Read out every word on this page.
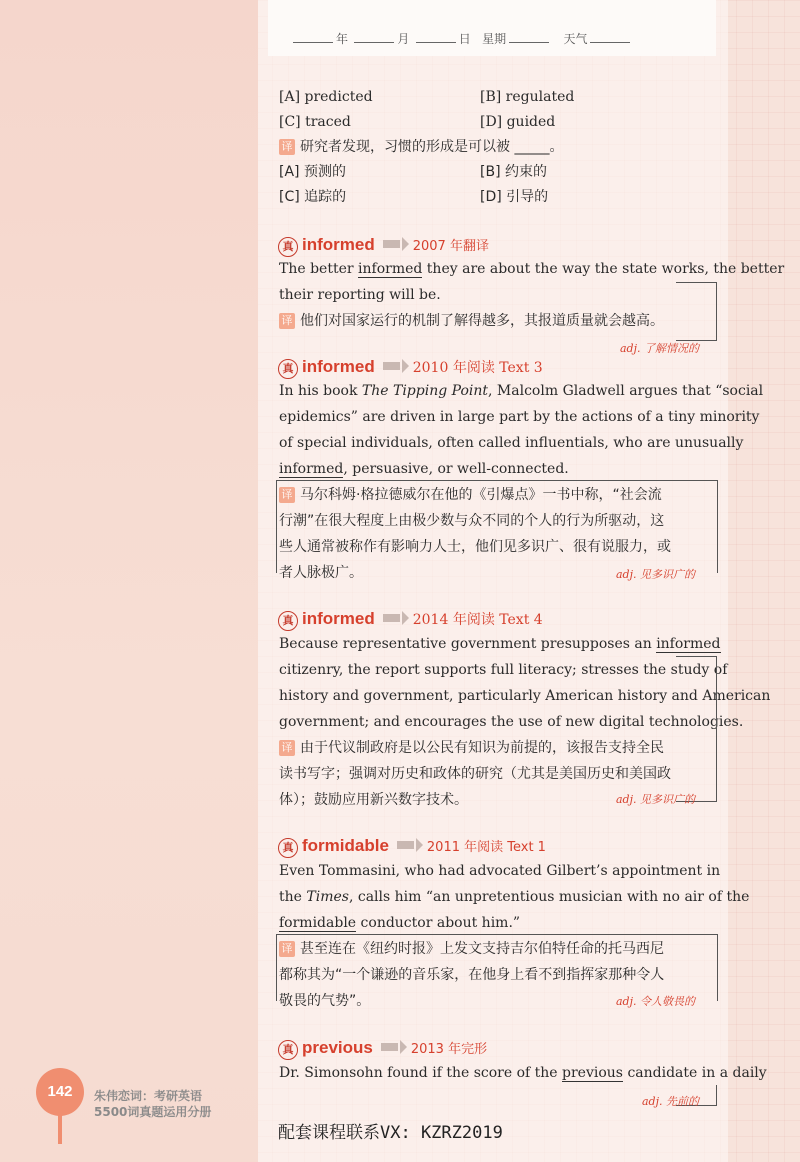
年	月	日 星期	天气
[A] predicted	[B] regulated
[C] traced	[D] guided
译 研究者发现，习惯的形成是可以被 _____。
[A] 预测的	[B] 约束的
[C] 追踪的	[D] 引导的
真 informed	2007 年翻译
The better informed they are about the way the state works, the better
their reporting will be.
译 他们对国家运行的机制了解得越多，其报道质量就会越高。
adj. 了解情况的
真 informed	2010 年阅读 Text 3
In his book The Tipping Point, Malcolm Gladwell argues that “social
epidemics” are driven in large part by the actions of a tiny minority
of special individuals, often called influentials, who are unusually
informed, persuasive, or well-connected.
译 马尔科姆·格拉德威尔在他的《引爆点》一书中称，“社会流
行潮”在很大程度上由极少数与众不同的个人的行为所驱动，这
些人通常被称作有影响力人士，他们见多识广、很有说服力，或
者人脉极广。	adj. 见多识广的
真 informed	2014 年阅读 Text 4
Because representative government presupposes an informed
citizenry, the report supports full literacy; stresses the study of
history and government, particularly American history and American
government; and encourages the use of new digital technologies.
译 由于代议制政府是以公民有知识为前提的，该报告支持全民
读书写字；强调对历史和政体的研究（尤其是美国历史和美国政
体）；鼓励应用新兴数字技术。	adj. 见多识广的
真 formidable	2011 年阅读 Text 1
Even Tommasini, who had advocated Gilbert’s appointment in
the Times, calls him “an unpretentious musician with no air of the
formidable conductor about him.”
译 甚至连在《纽约时报》上发文支持吉尔伯特任命的托马西尼
都称其为“一个谦逊的音乐家，在他身上看不到指挥家那种令人
敬畏的气势”。	adj. 令人敬畏的
真 previous	2013 年完形
Dr. Simonsohn found if the score of the previous candidate in a daily
adj. 先前的
142	朱伟恋词：考研英语
5500词真题运用分册
配套课程联系VX: KZRZ2019
